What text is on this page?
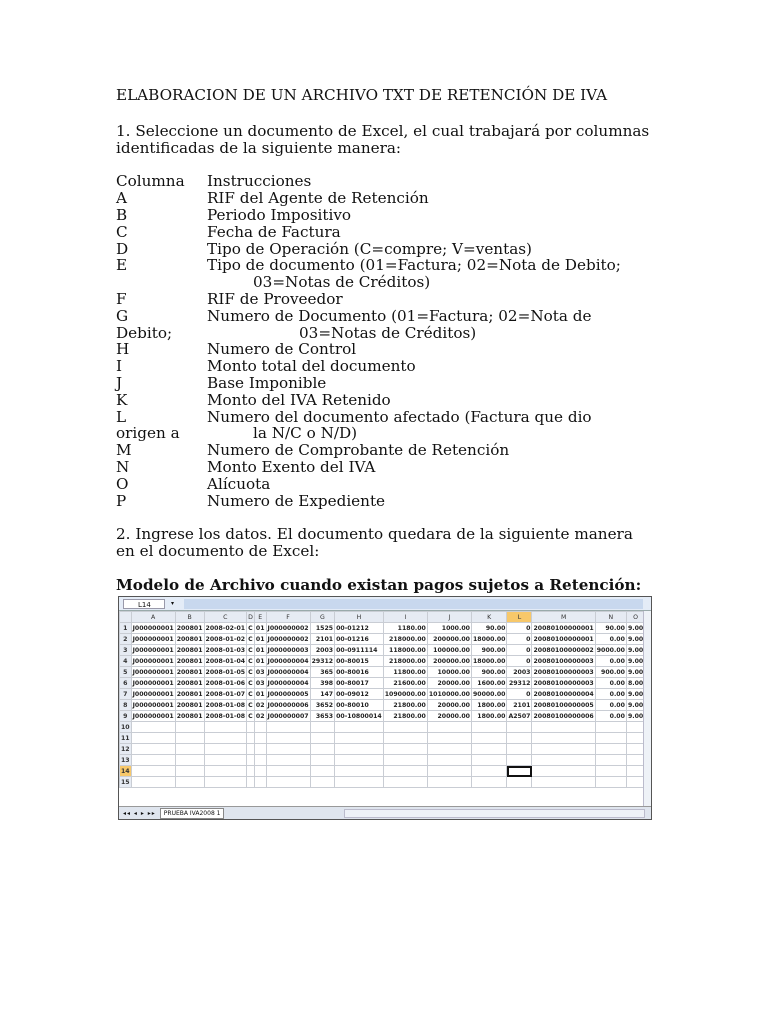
ELABORACION DE UN ARCHIVO TXT DE RETENCIÓN DE IVA

1. Seleccione un documento de Excel, el cual trabajará por columnas identificadas de la siguiente manera:

Columna	Instrucciones
A	RIF del Agente de Retención
B	Periodo Impositivo
C	Fecha de Factura
D	Tipo de Operación (C=compre; V=ventas)
E	Tipo de documento (01=Factura; 02=Nota de Debito;
03=Notas de Créditos)
F	RIF de Proveedor
G	Numero de Documento (01=Factura; 02=Nota de
Debito;	03=Notas de Créditos)
H	Numero de Control
I	Monto total del documento
J	Base Imponible
K	Monto del IVA Retenido
L	Numero del documento afectado (Factura que dio
origen a	la N/C o N/D)
M	Numero de Comprobante de Retención
N	Monto Exento del IVA
O	Alícuota
P	Numero de Expediente

2. Ingrese los datos. El documento quedara de la siguiente manera en el documento de Excel:

Modelo de Archivo cuando existan pagos sujetos a Retención:

L14	▾
	A	B	C	D	E	F	G	H	I	J	K	L	M	N	O	
1	J000000001	200801	2008-02-01	C	01	J000000002	1525	00-01212	1180.00	1000.00	90.00	0	20080100000001	90.00	9.00	
2	J000000001	200801	2008-01-02	C	01	J000000002	2101	00-01216	218000.00	200000.00	18000.00	0	20080100000001	0.00	9.00	
3	J000000001	200801	2008-01-03	C	01	J000000003	2003	00-0911114	118000.00	100000.00	900.00	0	20080100000002	9000.00	9.00	
4	J000000001	200801	2008-01-04	C	01	J000000004	29312	00-80015	218000.00	200000.00	18000.00	0	20080100000003	0.00	9.00	
5	J000000001	200801	2008-01-05	C	03	J000000004	365	00-80016	11800.00	10000.00	900.00	2003	20080100000003	900.00	9.00	
6	J000000001	200801	2008-01-06	C	03	J000000004	398	00-80017	21600.00	20000.00	1600.00	29312	20080100000003	0.00	8.00	
7	J000000001	200801	2008-01-07	C	01	J000000005	147	00-09012	1090000.00	1010000.00	90000.00	0	20080100000004	0.00	9.00	
8	J000000001	200801	2008-01-08	C	02	J000000006	3652	00-80010	21800.00	20000.00	1800.00	2101	20080100000005	0.00	9.00	
9	J000000001	200801	2008-01-08	C	02	J000000007	3653	00-10800014	21800.00	20000.00	1800.00	A2507	20080100000006	0.00	9.00	
10																
11																
12																
13																
14																
15																
◂◂ ◂ ▸ ▸▸	PRUEBA IVA2008 1
